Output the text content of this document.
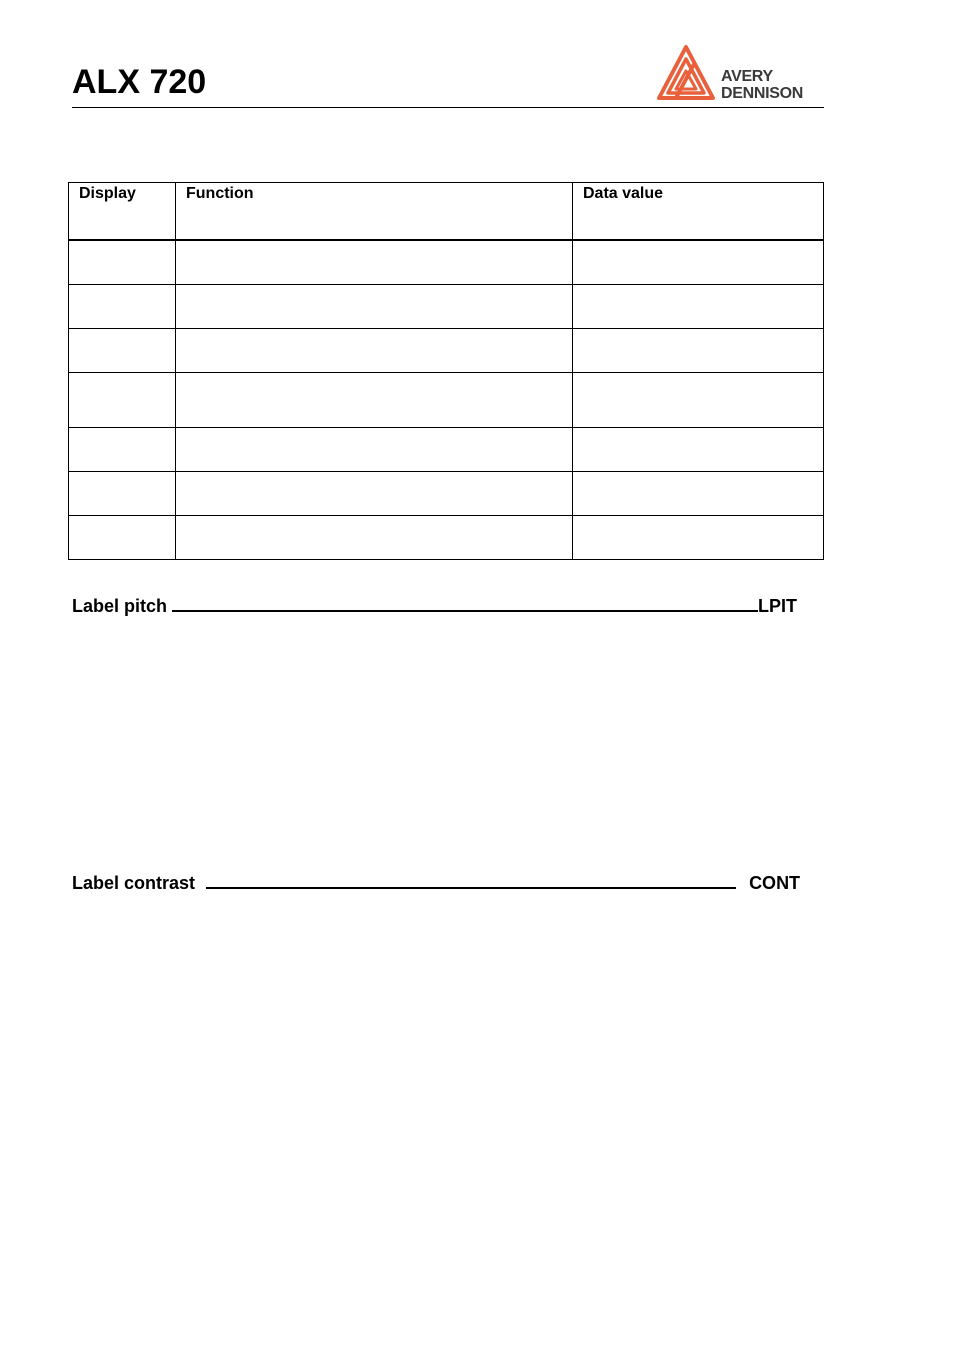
ALX 720	AVERY
DENNISON
Display	Function	Data value

Label pitch	LPIT
Label contrast	CONT
